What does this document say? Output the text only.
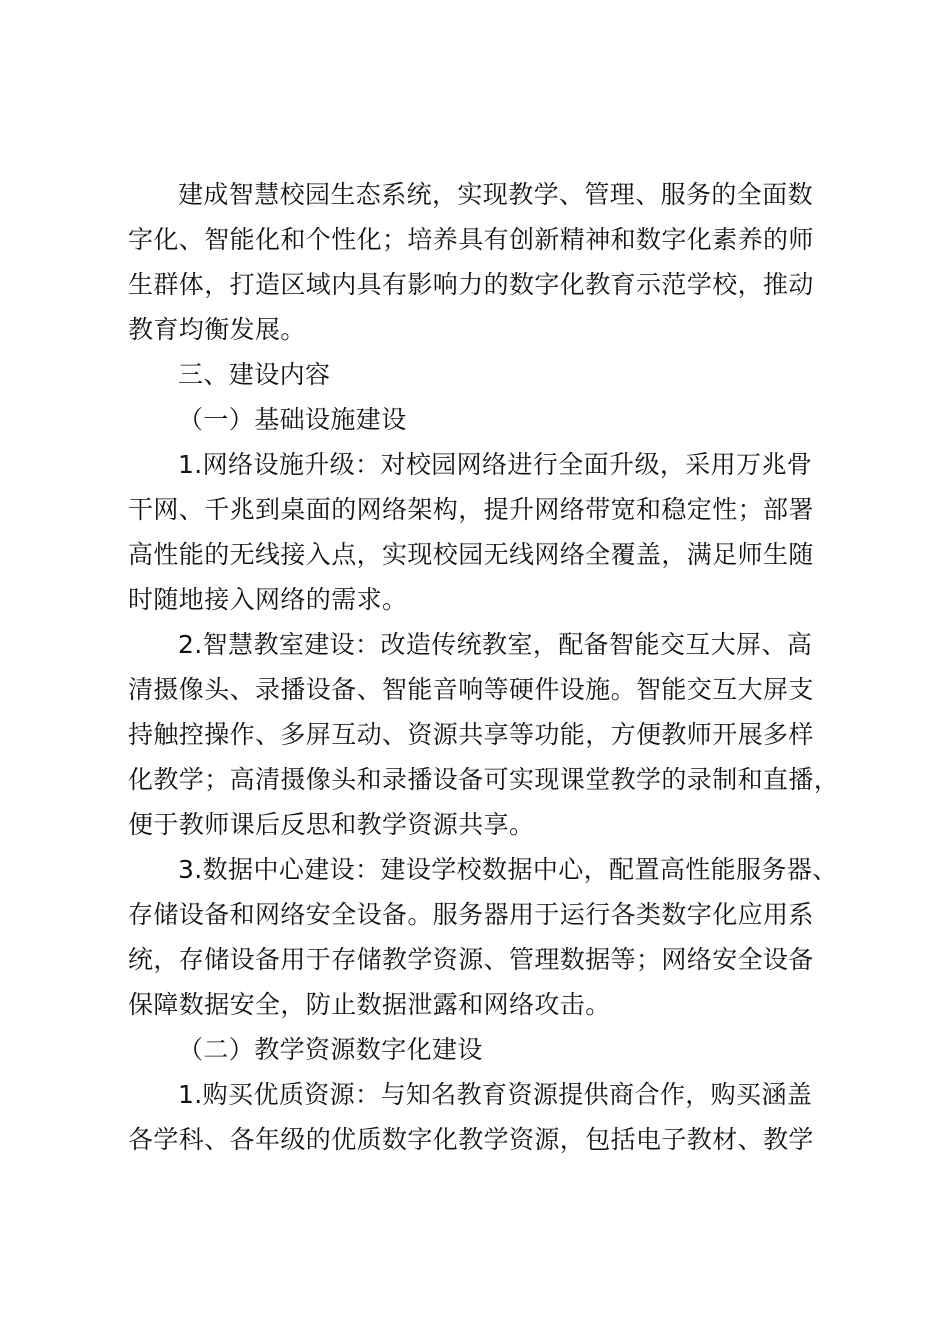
建成智慧校园生态系统，实现教学、管理、服务的全面数
字化、智能化和个性化；培养具有创新精神和数字化素养的师
生群体，打造区域内具有影响力的数字化教育示范学校，推动
教育均衡发展。
三、建设内容
（一）基础设施建设
1.网络设施升级：对校园网络进行全面升级，采用万兆骨
干网、千兆到桌面的网络架构，提升网络带宽和稳定性；部署
高性能的无线接入点，实现校园无线网络全覆盖，满足师生随
时随地接入网络的需求。
2.智慧教室建设：改造传统教室，配备智能交互大屏、高
清摄像头、录播设备、智能音响等硬件设施。智能交互大屏支
持触控操作、多屏互动、资源共享等功能，方便教师开展多样
化教学；高清摄像头和录播设备可实现课堂教学的录制和直播，
便于教师课后反思和教学资源共享。
3.数据中心建设：建设学校数据中心，配置高性能服务器、
存储设备和网络安全设备。服务器用于运行各类数字化应用系
统，存储设备用于存储教学资源、管理数据等；网络安全设备
保障数据安全，防止数据泄露和网络攻击。
（二）教学资源数字化建设
1.购买优质资源：与知名教育资源提供商合作，购买涵盖
各学科、各年级的优质数字化教学资源，包括电子教材、教学
